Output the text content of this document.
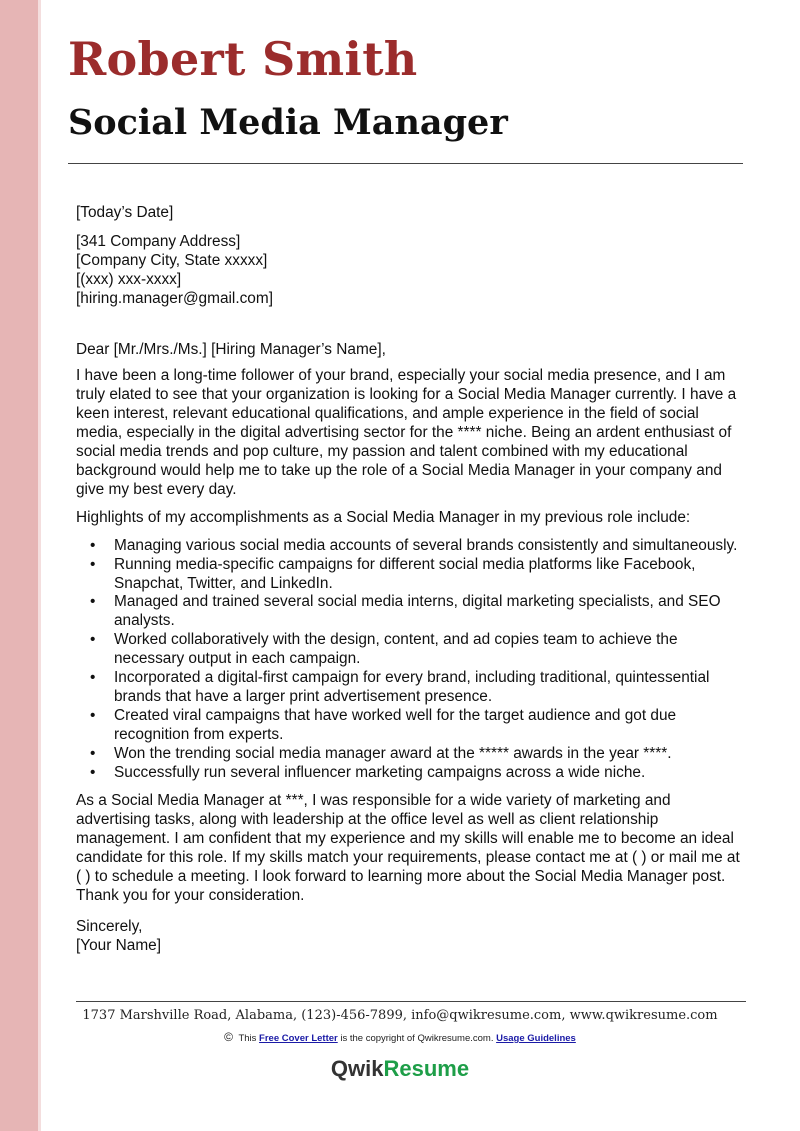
Robert Smith
Social Media Manager

[Today’s Date]

[341 Company Address]

[Company City, State xxxxx]

[(xxx) xxx-xxxx]

[hiring.manager@gmail.com]

Dear [Mr./Mrs./Ms.] [Hiring Manager’s Name],

I have been a long-time follower of your brand, especially your social media presence, and I am truly elated to see that your organization is looking for a Social Media Manager currently. I have a keen interest, relevant educational qualifications, and ample experience in the field of social media, especially in the digital advertising sector for the **** niche. Being an ardent enthusiast of social media trends and pop culture, my passion and talent combined with my educational background would help me to take up the role of a Social Media Manager in your company and give my best every day.

Highlights of my accomplishments as a Social Media Manager in my previous role include:

• Managing various social media accounts of several brands consistently and simultaneously.
• Running media-specific campaigns for different social media platforms like Facebook, Snapchat, Twitter, and LinkedIn.
• Managed and trained several social media interns, digital marketing specialists, and SEO analysts.
• Worked collaboratively with the design, content, and ad copies team to achieve the necessary output in each campaign.
• Incorporated a digital-first campaign for every brand, including traditional, quintessential brands that have a larger print advertisement presence.
• Created viral campaigns that have worked well for the target audience and got due recognition from experts.
• Won the trending social media manager award at the ***** awards in the year ****.
• Successfully run several influencer marketing campaigns across a wide niche.

As a Social Media Manager at ***, I was responsible for a wide variety of marketing and advertising tasks, along with leadership at the office level as well as client relationship management. I am confident that my experience and my skills will enable me to become an ideal candidate for this role. If my skills match your requirements, please contact me at ( ) or mail me at ( ) to schedule a meeting. I look forward to learning more about the Social Media Manager post. Thank you for your consideration.

Sincerely,

[Your Name]

1737 Marshville Road, Alabama, (123)-456-7899, info@qwikresume.com, www.qwikresume.com
© This Free Cover Letter is the copyright of Qwikresume.com. Usage Guidelines
QwikResume
